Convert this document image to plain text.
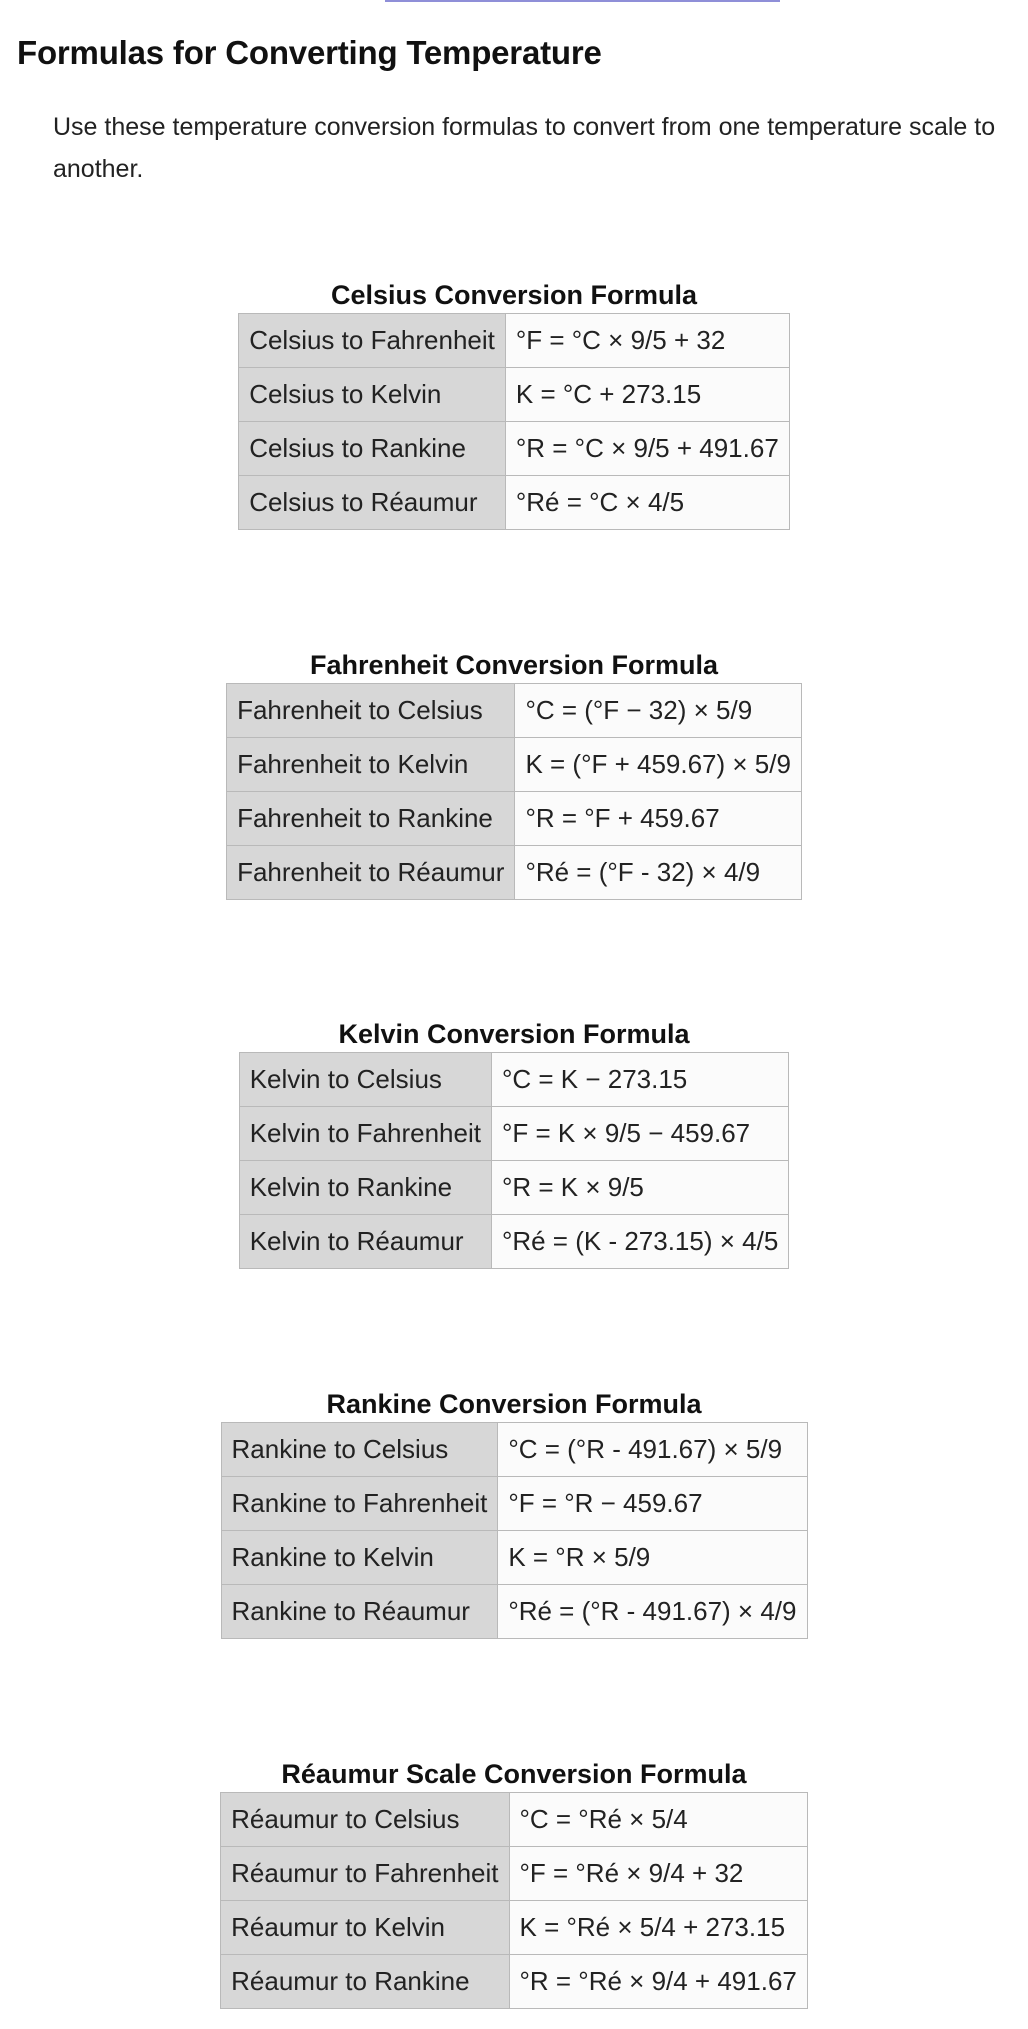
Formulas for Converting Temperature

Use these temperature conversion formulas to convert from one temperature scale to another.

Celsius Conversion Formula
Celsius to Fahrenheit	°F = °C × 9/5 + 32
Celsius to Kelvin	K = °C + 273.15
Celsius to Rankine	°R = °C × 9/5 + 491.67
Celsius to Réaumur	°Ré = °C × 4/5
Fahrenheit Conversion Formula
Fahrenheit to Celsius	°C = (°F − 32) × 5/9
Fahrenheit to Kelvin	K = (°F + 459.67) × 5/9
Fahrenheit to Rankine	°R = °F + 459.67
Fahrenheit to Réaumur	°Ré = (°F - 32) × 4/9
Kelvin Conversion Formula
Kelvin to Celsius	°C = K − 273.15
Kelvin to Fahrenheit	°F = K × 9/5 − 459.67
Kelvin to Rankine	°R = K × 9/5
Kelvin to Réaumur	°Ré = (K - 273.15) × 4/5
Rankine Conversion Formula
Rankine to Celsius	°C = (°R - 491.67) × 5/9
Rankine to Fahrenheit	°F = °R − 459.67
Rankine to Kelvin	K = °R × 5/9
Rankine to Réaumur	°Ré = (°R - 491.67) × 4/9
Réaumur Scale Conversion Formula
Réaumur to Celsius	°C = °Ré × 5/4
Réaumur to Fahrenheit	°F = °Ré × 9/4 + 32
Réaumur to Kelvin	K = °Ré × 5/4 + 273.15
Réaumur to Rankine	°R = °Ré × 9/4 + 491.67
